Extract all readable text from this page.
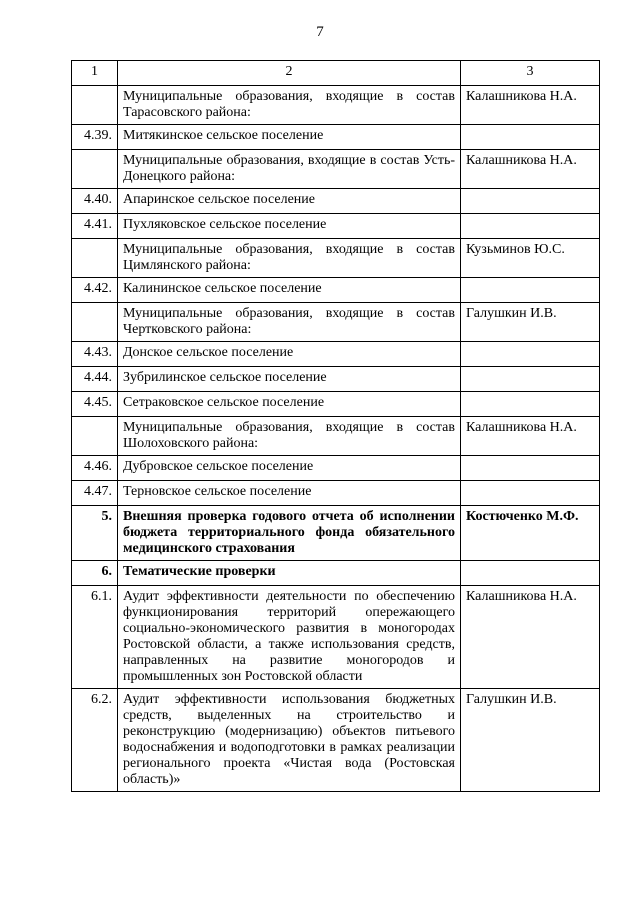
7
1	2	3
	Муниципальные образования, входящие в состав Тарасовского района:	Калашникова Н.А.
4.39.	Митякинское сельское поселение	
	Муниципальные образования, входящие в состав Усть-Донецкого района:	Калашникова Н.А.
4.40.	Апаринское сельское поселение	
4.41.	Пухляковское сельское поселение	
	Муниципальные образования, входящие в состав Цимлянского района:	Кузьминов Ю.С.
4.42.	Калининское сельское поселение	
	Муниципальные образования, входящие в состав Чертковского района:	Галушкин И.В.
4.43.	Донское сельское поселение	
4.44.	Зубрилинское сельское поселение	
4.45.	Сетраковское сельское поселение	
	Муниципальные образования, входящие в состав Шолоховского района:	Калашникова Н.А.
4.46.	Дубровское сельское поселение	
4.47.	Терновское сельское поселение	
5.	Внешняя проверка годового отчета об исполнении бюджета территориального фонда обязательного медицинского страхования	Костюченко М.Ф.
6.	Тематические проверки	
6.1.	Аудит эффективности деятельности по обеспечению функционирования территорий опережающего социально-экономического развития в моногородах Ростовской области, а также использования средств, направленных на развитие моногородов и промышленных зон Ростовской области	Калашникова Н.А.
6.2.	Аудит эффективности использования бюджетных средств, выделенных на строительство и реконструкцию (модернизацию) объектов питьевого водоснабжения и водоподготовки в рамках реализации регионального проекта «Чистая вода (Ростовская область)»	Галушкин И.В.
